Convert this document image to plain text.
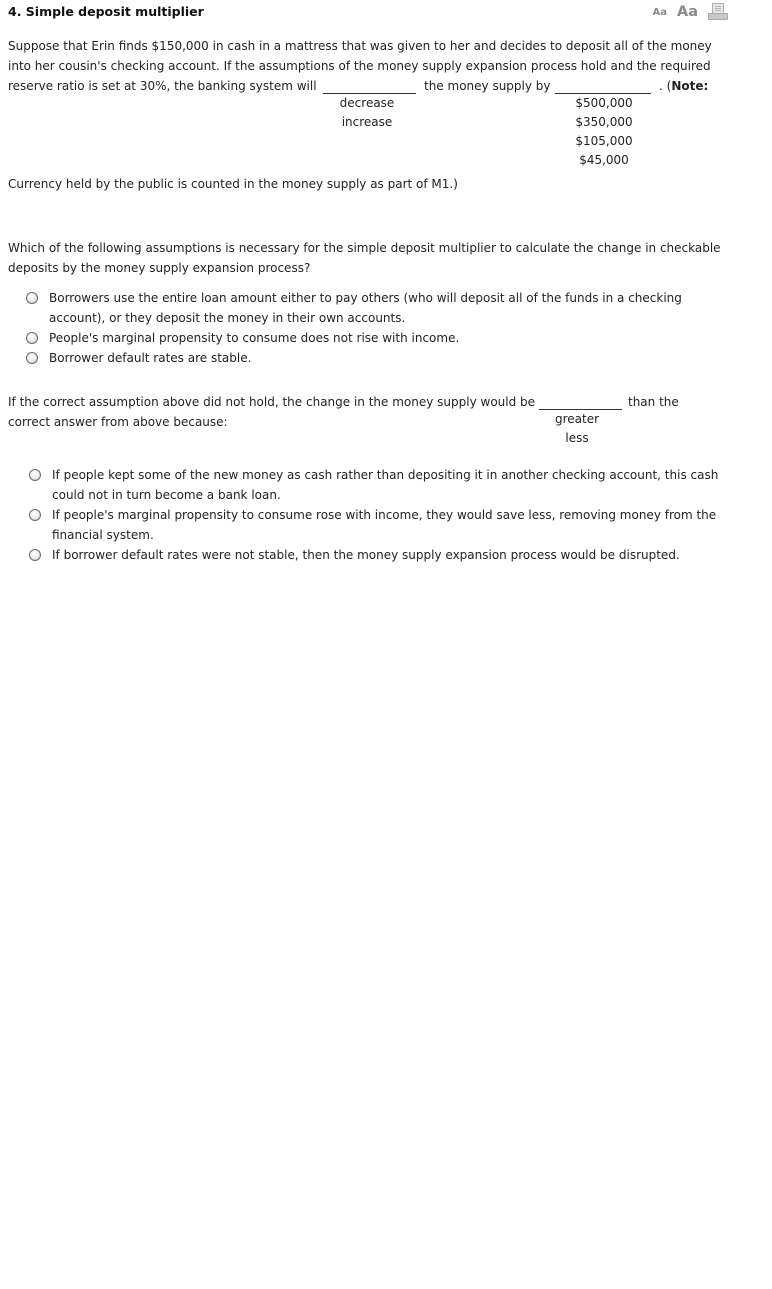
4. Simple deposit multiplier	Aa Aa
Suppose that Erin finds $150,000 in cash in a mattress that was given to her and decides to deposit all of the money
into her cousin's checking account. If the assumptions of the money supply expansion process hold and the required
reserve ratio is set at 30%, the banking system will	the money supply by	. (Note:
decrease
increase
$500,000
$350,000
$105,000
$45,000
Currency held by the public is counted in the money supply as part of M1.)
Which of the following assumptions is necessary for the simple deposit multiplier to calculate the change in checkable
deposits by the money supply expansion process?
Borrowers use the entire loan amount either to pay others (who will deposit all of the funds in a checking
account), or they deposit the money in their own accounts.
People's marginal propensity to consume does not rise with income.
Borrower default rates are stable.
If the correct assumption above did not hold, the change in the money supply would be	than the
correct answer from above because:	greater
less
If people kept some of the new money as cash rather than depositing it in another checking account, this cash
could not in turn become a bank loan.
If people's marginal propensity to consume rose with income, they would save less, removing money from the
financial system.
If borrower default rates were not stable, then the money supply expansion process would be disrupted.
